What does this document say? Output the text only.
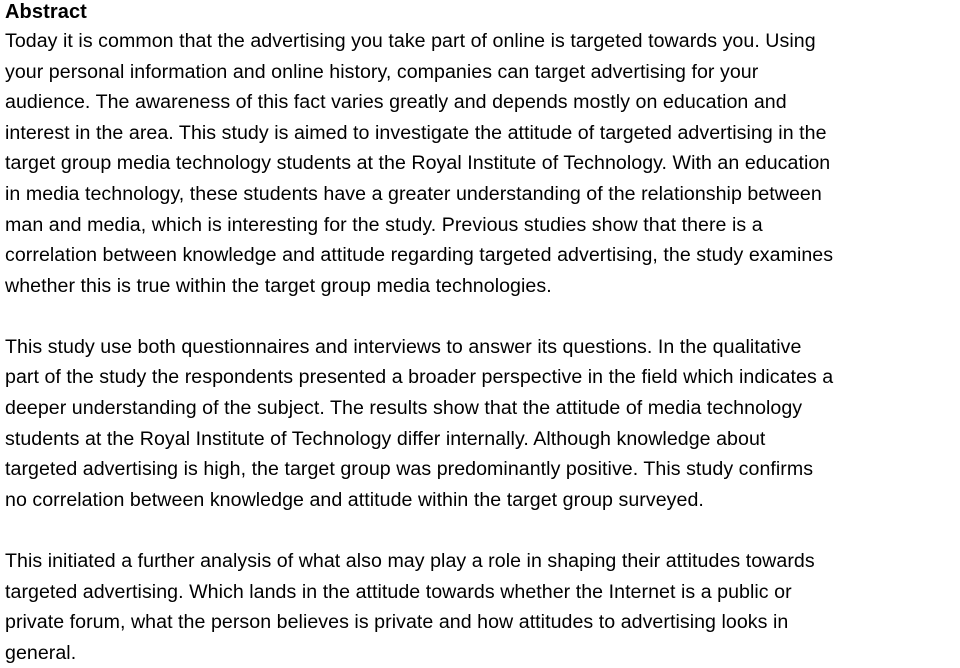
Abstract

Today it is common that the advertising you take part of online is targeted towards you. Using
your personal information and online history, companies can target advertising for your
audience. The awareness of this fact varies greatly and depends mostly on education and
interest in the area. This study is aimed to investigate the attitude of targeted advertising in the
target group media technology students at the Royal Institute of Technology. With an education
in media technology, these students have a greater understanding of the relationship between
man and media, which is interesting for the study. Previous studies show that there is a
correlation between knowledge and attitude regarding targeted advertising, the study examines
whether this is true within the target group media technologies.

This study use both questionnaires and interviews to answer its questions. In the qualitative
part of the study the respondents presented a broader perspective in the field which indicates a
deeper understanding of the subject. The results show that the attitude of media technology
students at the Royal Institute of Technology differ internally. Although knowledge about
targeted advertising is high, the target group was predominantly positive. This study confirms
no correlation between knowledge and attitude within the target group surveyed.

This initiated a further analysis of what also may play a role in shaping their attitudes towards
targeted advertising. Which lands in the attitude towards whether the Internet is a public or
private forum, what the person believes is private and how attitudes to advertising looks in
general.
